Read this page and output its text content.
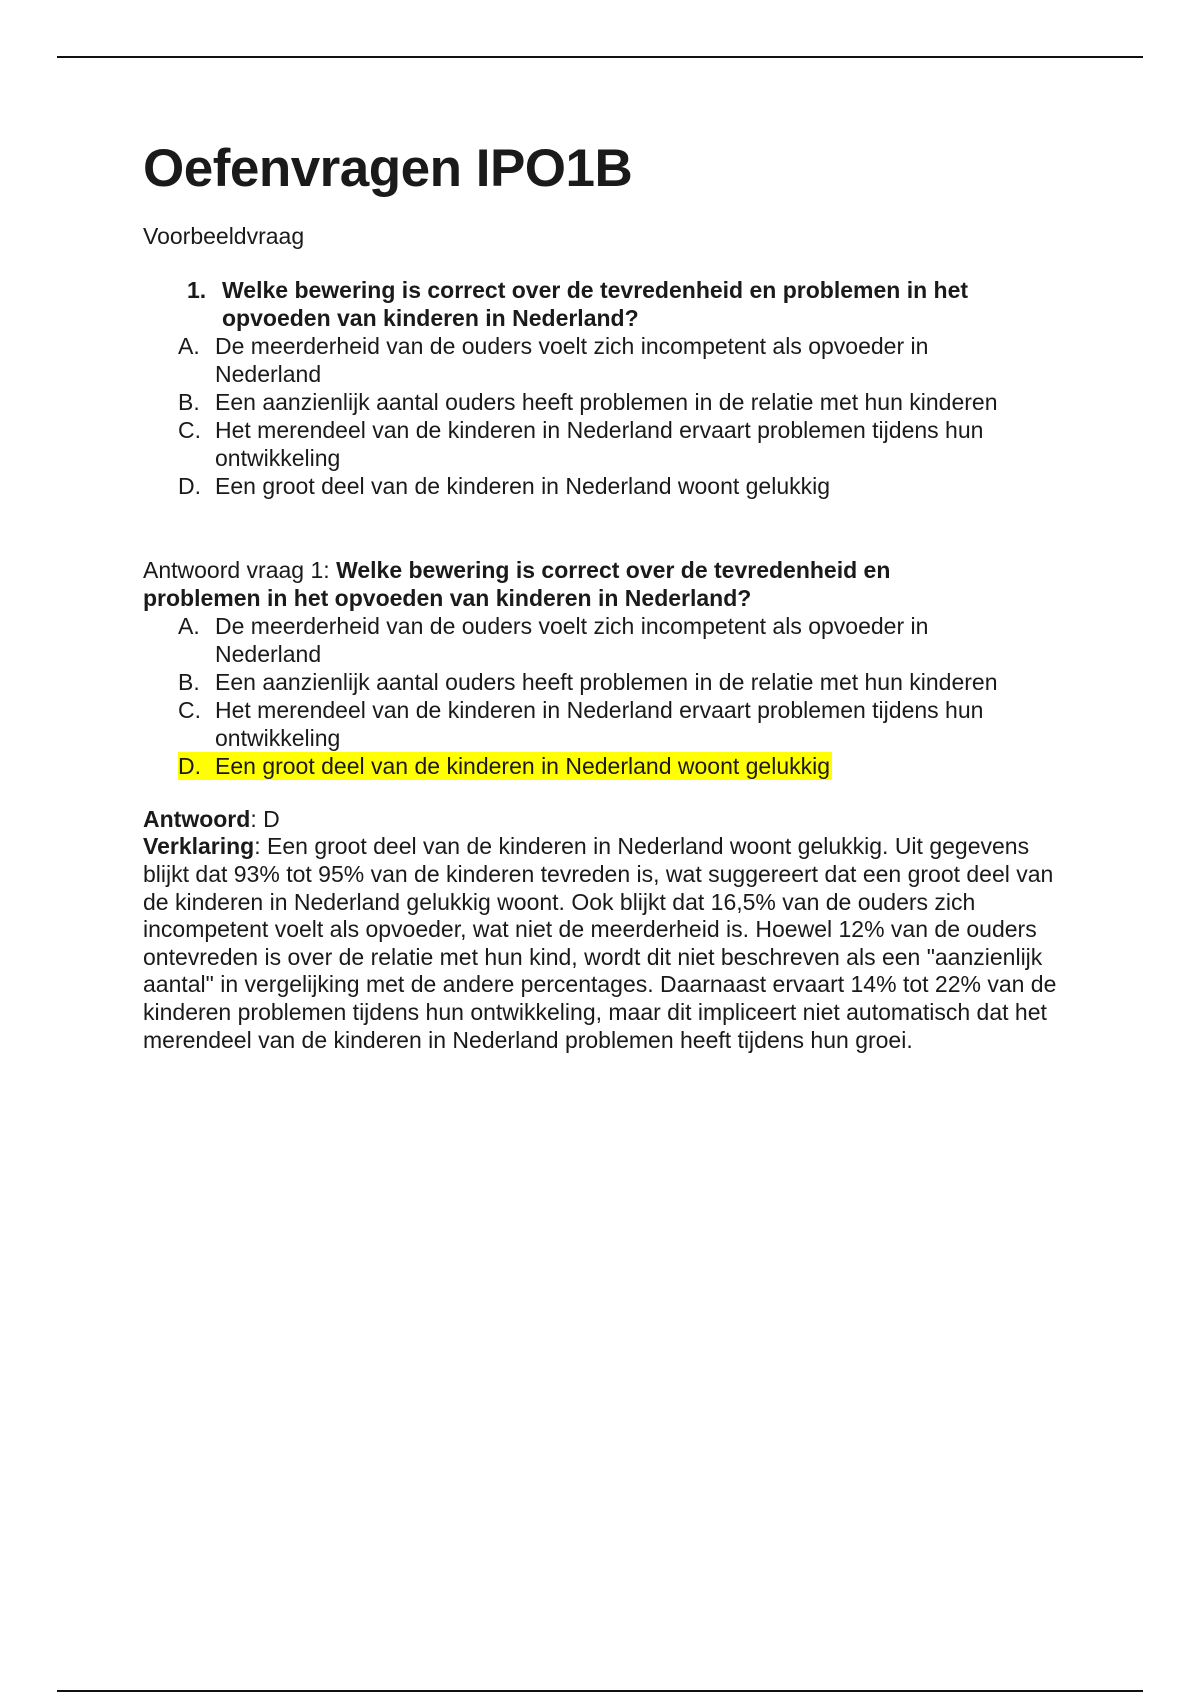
Oefenvragen IPO1B
Voorbeeldvraag
1. Welke bewering is correct over de tevredenheid en problemen in het opvoeden van kinderen in Nederland?
A. De meerderheid van de ouders voelt zich incompetent als opvoeder in Nederland
B. Een aanzienlijk aantal ouders heeft problemen in de relatie met hun kinderen
C. Het merendeel van de kinderen in Nederland ervaart problemen tijdens hun ontwikkeling
D. Een groot deel van de kinderen in Nederland woont gelukkig
Antwoord vraag 1: Welke bewering is correct over de tevredenheid en problemen in het opvoeden van kinderen in Nederland?
A. De meerderheid van de ouders voelt zich incompetent als opvoeder in Nederland
B. Een aanzienlijk aantal ouders heeft problemen in de relatie met hun kinderen
C. Het merendeel van de kinderen in Nederland ervaart problemen tijdens hun ontwikkeling
D. Een groot deel van de kinderen in Nederland woont gelukkig
Antwoord: D
Verklaring: Een groot deel van de kinderen in Nederland woont gelukkig. Uit gegevens blijkt dat 93% tot 95% van de kinderen tevreden is, wat suggereert dat een groot deel van de kinderen in Nederland gelukkig woont. Ook blijkt dat 16,5% van de ouders zich incompetent voelt als opvoeder, wat niet de meerderheid is. Hoewel 12% van de ouders ontevreden is over de relatie met hun kind, wordt dit niet beschreven als een "aanzienlijk aantal" in vergelijking met de andere percentages. Daarnaast ervaart 14% tot 22% van de kinderen problemen tijdens hun ontwikkeling, maar dit impliceert niet automatisch dat het merendeel van de kinderen in Nederland problemen heeft tijdens hun groei.
